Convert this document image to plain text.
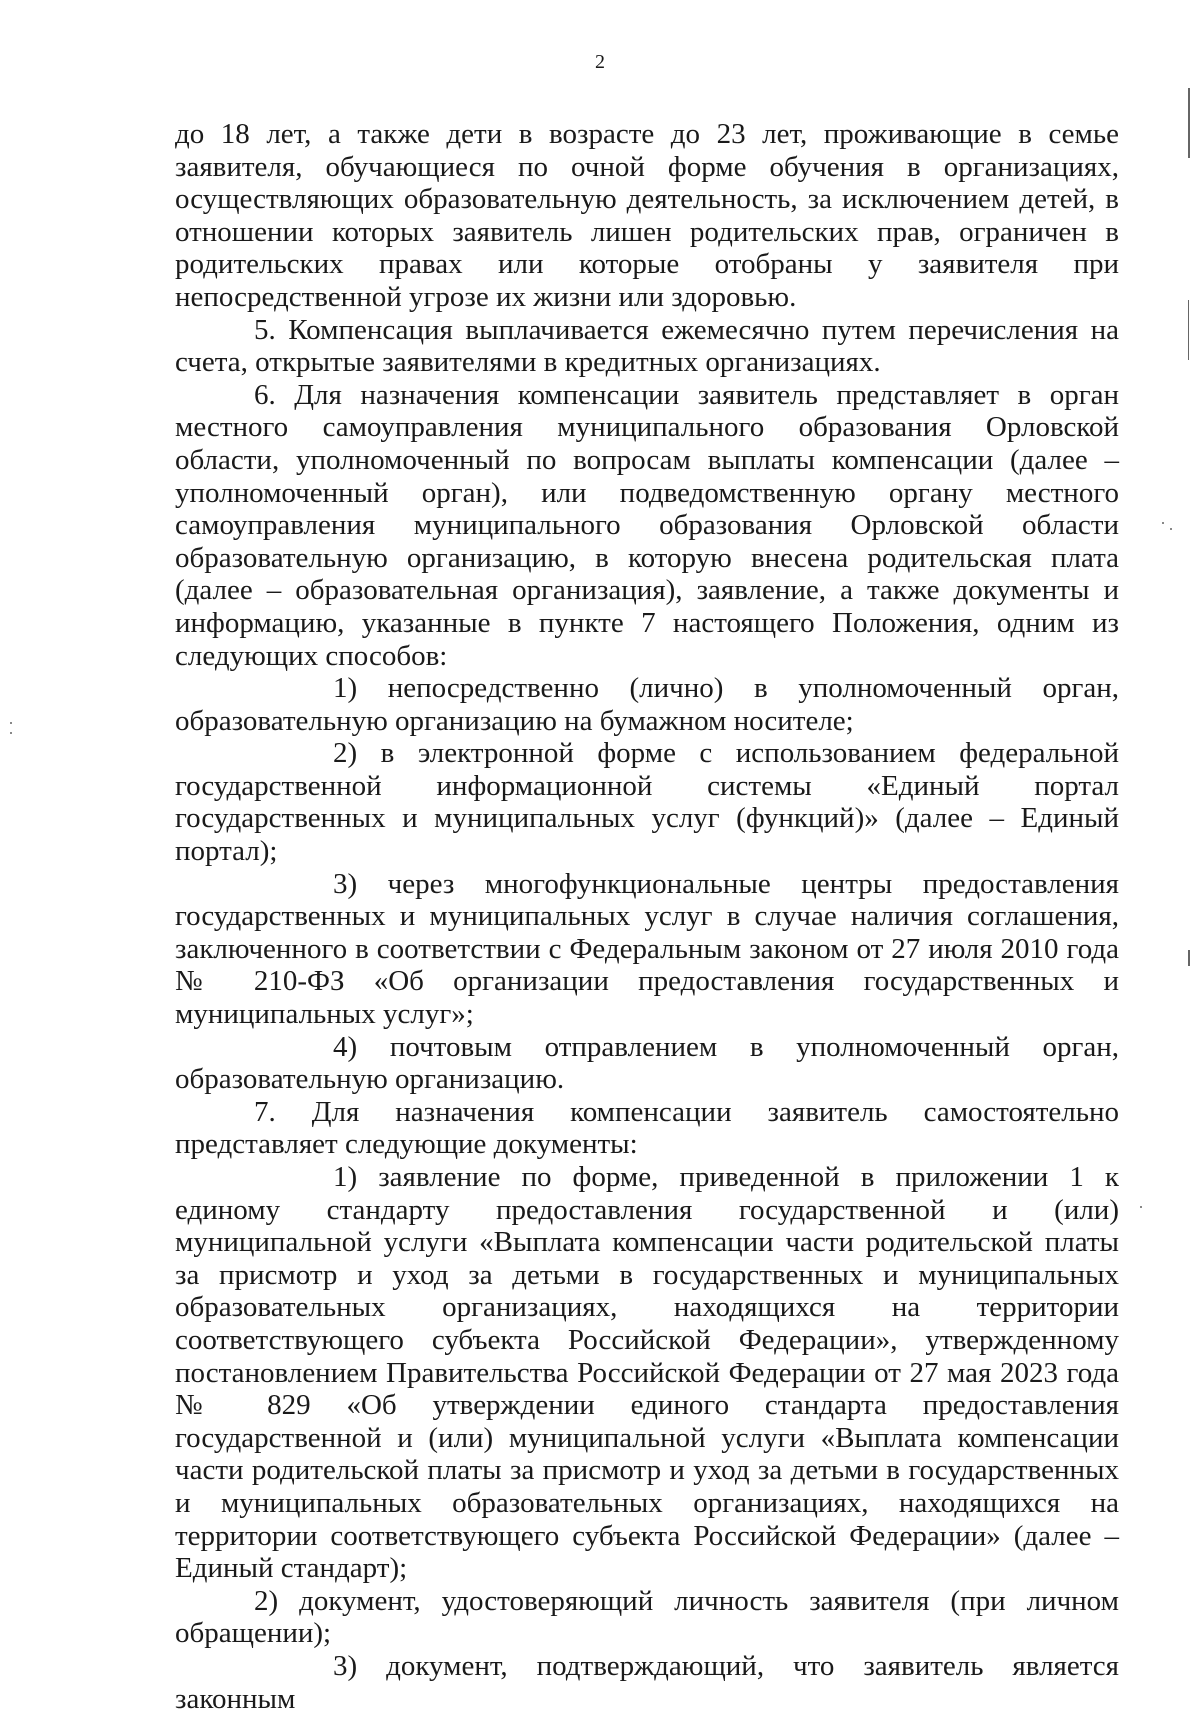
2

до 18 лет, а также дети в возрасте до 23 лет, проживающие в семье заявителя, обучающиеся по очной форме обучения в организациях, осуществляющих образовательную деятельность, за исключением детей, в отношении которых заявитель лишен родительских прав, ограничен в родительских правах или которые отобраны у заявителя при непосредственной угрозе их жизни или здоровью.

5. Компенсация выплачивается ежемесячно путем перечисления на счета, открытые заявителями в кредитных организациях.

6. Для назначения компенсации заявитель представляет в орган местного самоуправления муниципального образования Орловской области, уполномоченный по вопросам выплаты компенсации (далее – уполномоченный орган), или подведомственную органу местного самоуправления муниципального образования Орловской области образовательную организацию, в которую внесена родительская плата (далее – образовательная организация), заявление, а также документы и информацию, указанные в пункте 7 настоящего Положения, одним из следующих способов:

1) непосредственно (лично) в уполномоченный орган, образовательную организацию на бумажном носителе;

2) в электронной форме с использованием федеральной государственной информационной системы «Единый портал государственных и муниципальных услуг (функций)» (далее – Единый портал);

3) через многофункциональные центры предоставления государственных и муниципальных услуг в случае наличия соглашения, заключенного в соответствии с Федеральным законом от 27 июля 2010 года № 210-ФЗ «Об организации предоставления государственных и муниципальных услуг»;

4) почтовым отправлением в уполномоченный орган, образовательную организацию.

7. Для назначения компенсации заявитель самостоятельно представляет следующие документы:

1) заявление по форме, приведенной в приложении 1 к единому стандарту предоставления государственной и (или) муниципальной услуги «Выплата компенсации части родительской платы за присмотр и уход за детьми в государственных и муниципальных образовательных организациях, находящихся на территории соответствующего субъекта Российской Федерации», утвержденному постановлением Правительства Российской Федерации от 27 мая 2023 года № 829 «Об утверждении единого стандарта предоставления государственной и (или) муниципальной услуги «Выплата компенсации части родительской платы за присмотр и уход за детьми в государственных и муниципальных образовательных организациях, находящихся на территории соответствующего субъекта Российской Федерации» (далее – Единый стандарт);

2) документ, удостоверяющий личность заявителя (при личном обращении);

3) документ, подтверждающий, что заявитель является законным
